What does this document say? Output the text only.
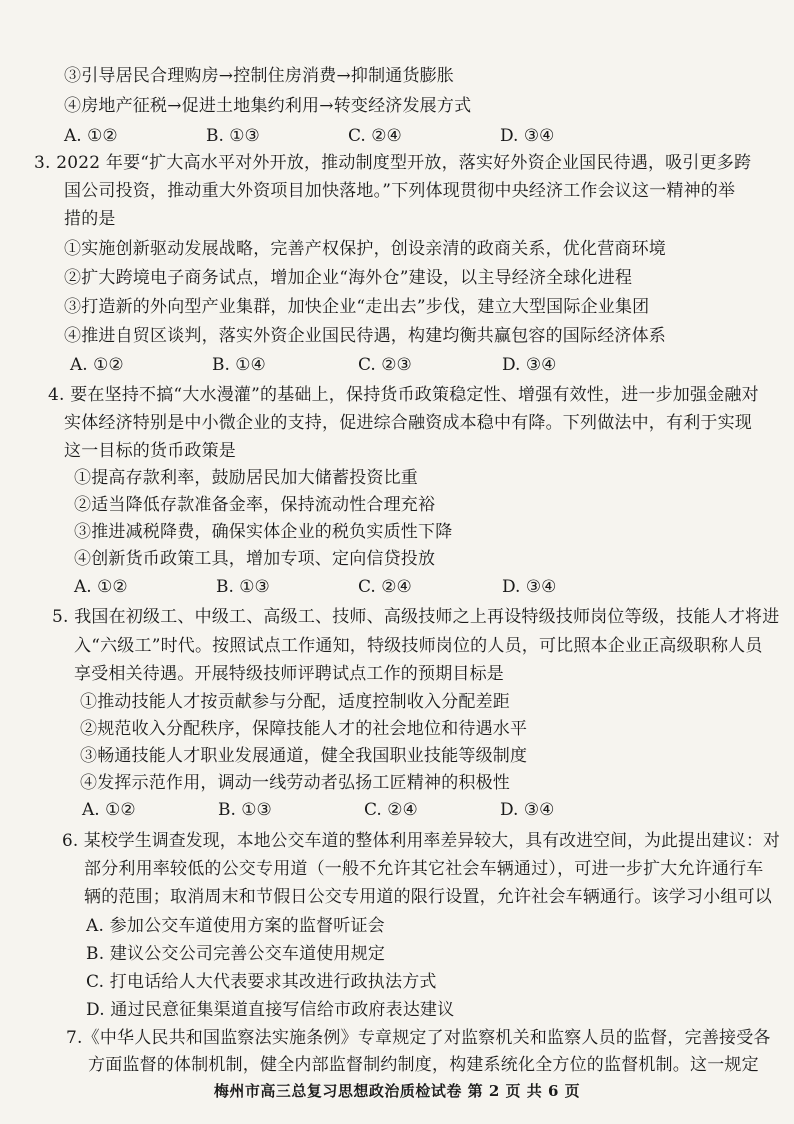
③引导居民合理购房→控制住房消费→抑制通货膨胀
④房地产征税→促进土地集约利用→转变经济发展方式
A. ①②	B. ①③	C. ②④	D. ③④
3. 2022 年要“扩大高水平对外开放，推动制度型开放，落实好外资企业国民待遇，吸引更多跨
国公司投资，推动重大外资项目加快落地。”下列体现贯彻中央经济工作会议这一精神的举
措的是
①实施创新驱动发展战略，完善产权保护，创设亲清的政商关系，优化营商环境
②扩大跨境电子商务试点，增加企业“海外仓”建设，以主导经济全球化进程
③打造新的外向型产业集群，加快企业“走出去”步伐，建立大型国际企业集团
④推进自贸区谈判，落实外资企业国民待遇，构建均衡共赢包容的国际经济体系
A. ①②	B. ①④	C. ②③	D. ③④
4. 要在坚持不搞“大水漫灌”的基础上，保持货币政策稳定性、增强有效性，进一步加强金融对
实体经济特别是中小微企业的支持，促进综合融资成本稳中有降。下列做法中，有利于实现
这一目标的货币政策是
①提高存款利率，鼓励居民加大储蓄投资比重
②适当降低存款准备金率，保持流动性合理充裕
③推进减税降费，确保实体企业的税负实质性下降
④创新货币政策工具，增加专项、定向信贷投放
A. ①②	B. ①③	C. ②④	D. ③④
5. 我国在初级工、中级工、高级工、技师、高级技师之上再设特级技师岗位等级，技能人才将进
入“六级工”时代。按照试点工作通知，特级技师岗位的人员，可比照本企业正高级职称人员
享受相关待遇。开展特级技师评聘试点工作的预期目标是
①推动技能人才按贡献参与分配，适度控制收入分配差距
②规范收入分配秩序，保障技能人才的社会地位和待遇水平
③畅通技能人才职业发展通道，健全我国职业技能等级制度
④发挥示范作用，调动一线劳动者弘扬工匠精神的积极性
A. ①②	B. ①③	C. ②④	D. ③④
6. 某校学生调查发现，本地公交车道的整体利用率差异较大，具有改进空间，为此提出建议：对
部分利用率较低的公交专用道（一般不允许其它社会车辆通过），可进一步扩大允许通行车
辆的范围；取消周末和节假日公交专用道的限行设置，允许社会车辆通行。该学习小组可以
A. 参加公交车道使用方案的监督听证会
B. 建议公交公司完善公交车道使用规定
C. 打电话给人大代表要求其改进行政执法方式
D. 通过民意征集渠道直接写信给市政府表达建议
7.《中华人民共和国监察法实施条例》专章规定了对监察机关和监察人员的监督，完善接受各
方面监督的体制机制，健全内部监督制约制度，构建系统化全方位的监督机制。这一规定
梅州市高三总复习思想政治质检试卷 第 2 页 共 6 页
